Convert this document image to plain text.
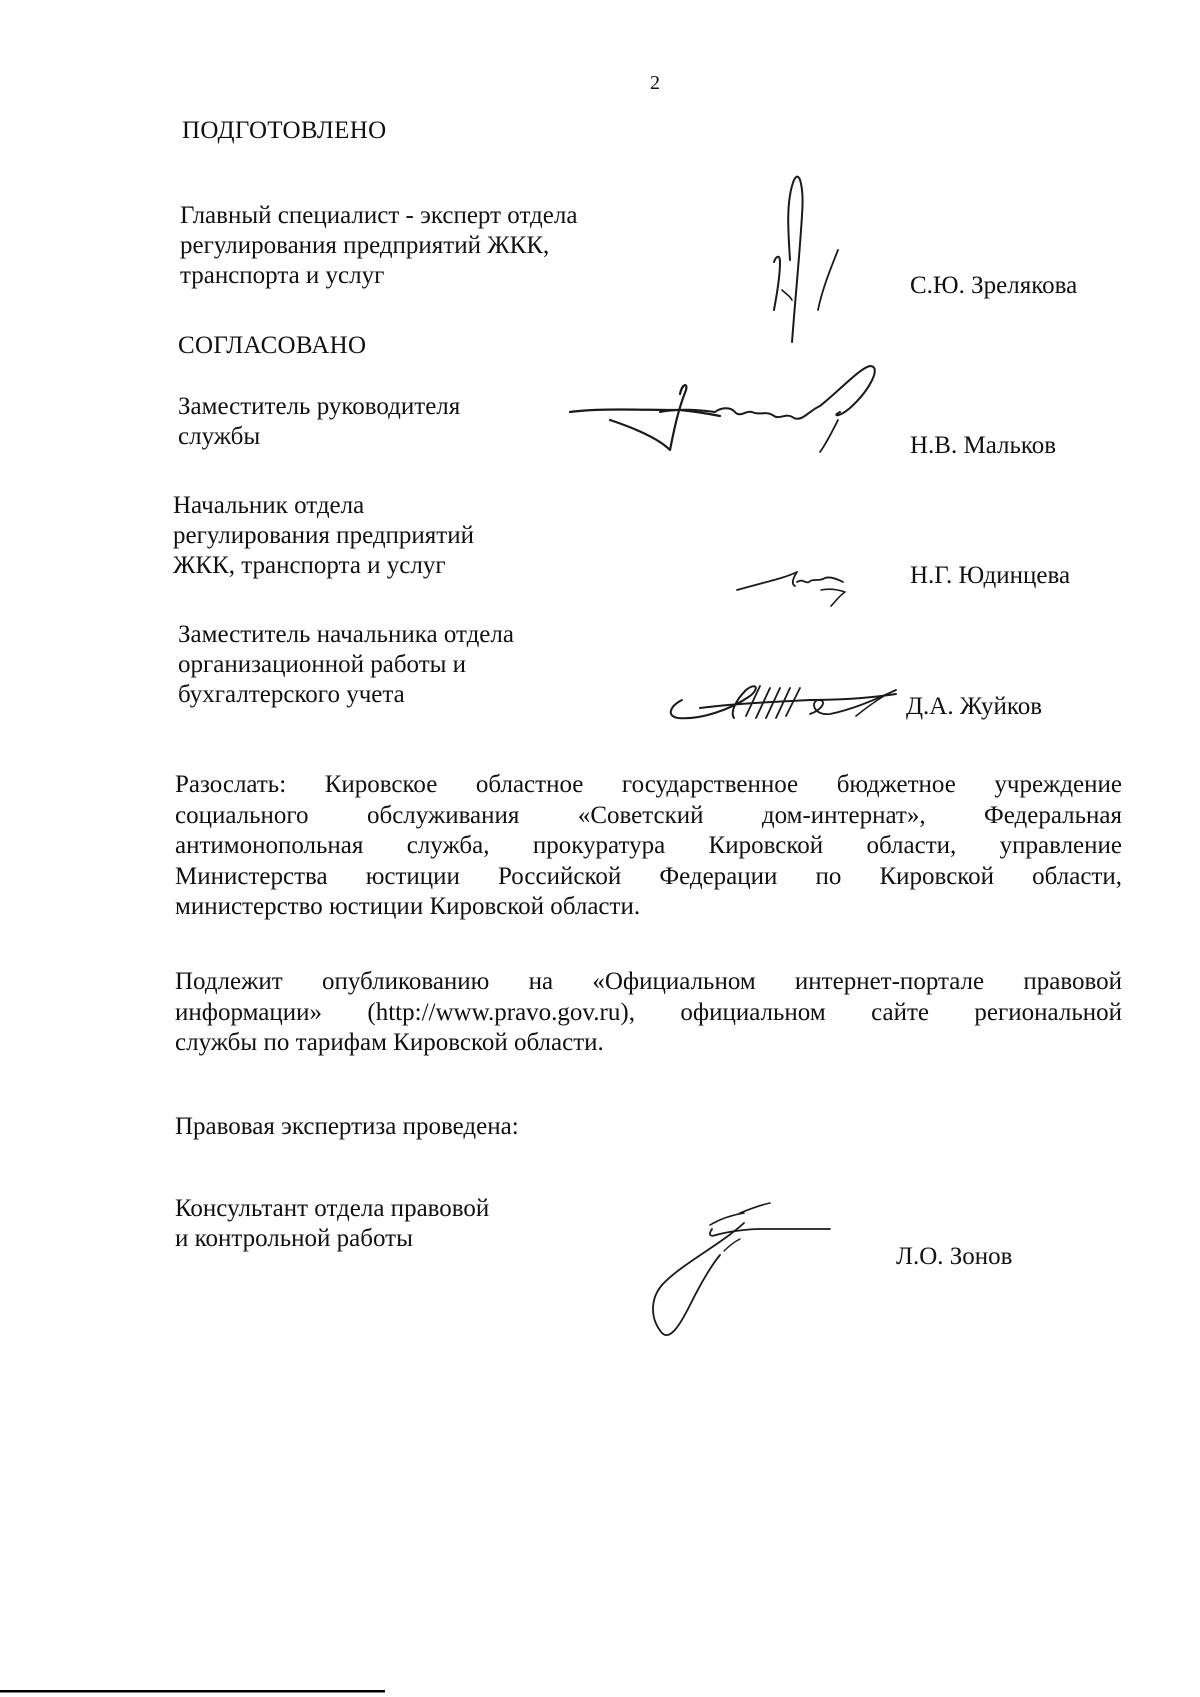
2
ПОДГОТОВЛЕНО
Главный специалист - эксперт отдела
регулирования предприятий ЖКК,
транспорта и услуг	С.Ю. Зрелякова
СОГЛАСОВАНО
Заместитель руководителя
службы	Н.В. Мальков
Начальник отдела
регулирования предприятий
ЖКК, транспорта и услуг	Н.Г. Юдинцева
Заместитель начальника отдела
организационной работы и
бухгалтерского учета	Д.А. Жуйков
Разослать: Кировское областное государственное бюджетное учреждение
социального обслуживания «Советский дом-интернат», Федеральная
антимонопольная служба, прокуратура Кировской области, управление
Министерства юстиции Российской Федерации по Кировской области,
министерство юстиции Кировской области.
Подлежит опубликованию на «Официальном интернет-портале правовой
информации» (http://www.pravo.gov.ru), официальном сайте региональной
службы по тарифам Кировской области.
Правовая экспертиза проведена:
Консультант отдела правовой
и контрольной работы
Л.О. Зонов
